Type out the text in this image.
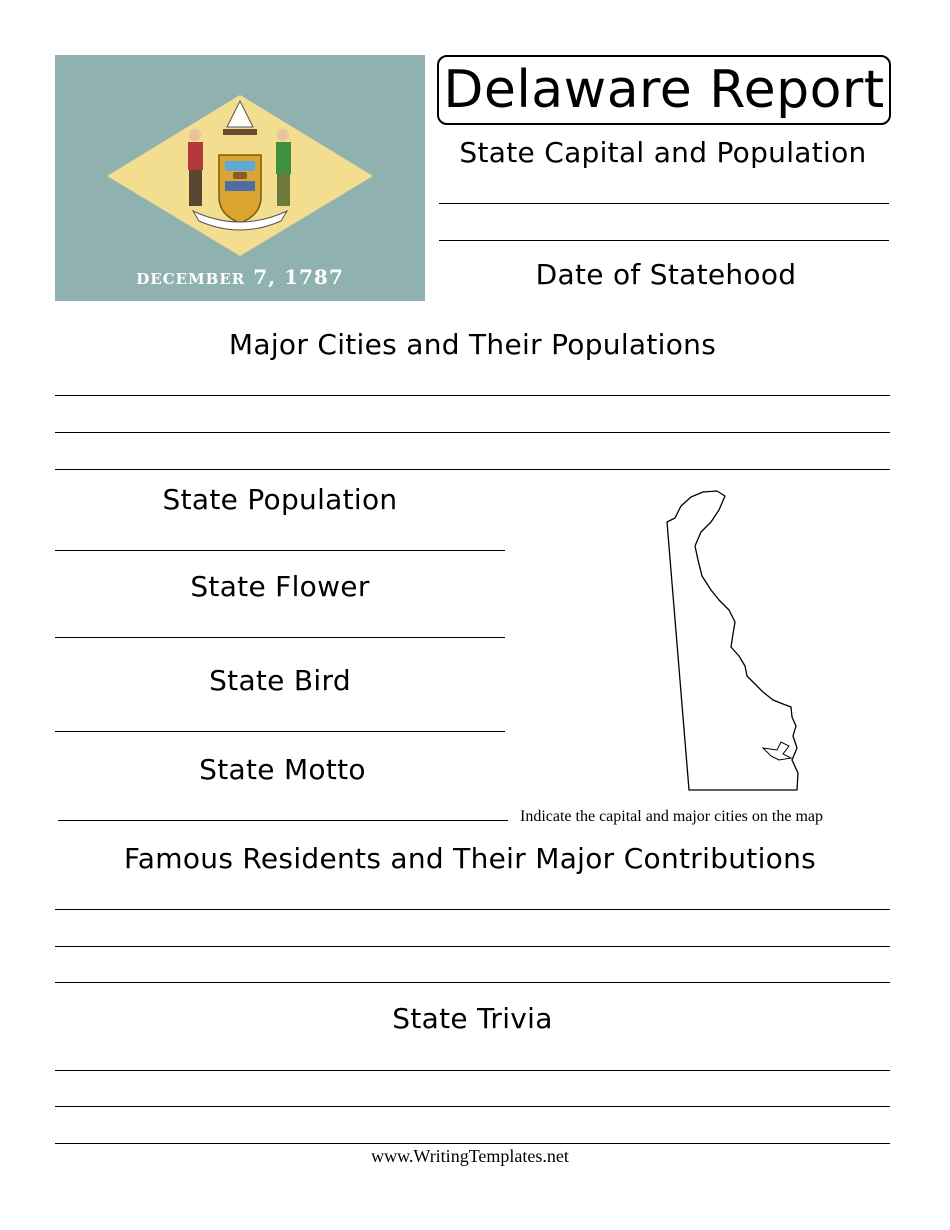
DECEMBER 7, 1787
Delaware Report
State Capital and Population
Date of Statehood
Major Cities and Their Populations
State Population
State Flower
State Bird
State Motto
Indicate the capital and major cities on the map
Famous Residents and Their Major Contributions
State Trivia
www.WritingTemplates.net
